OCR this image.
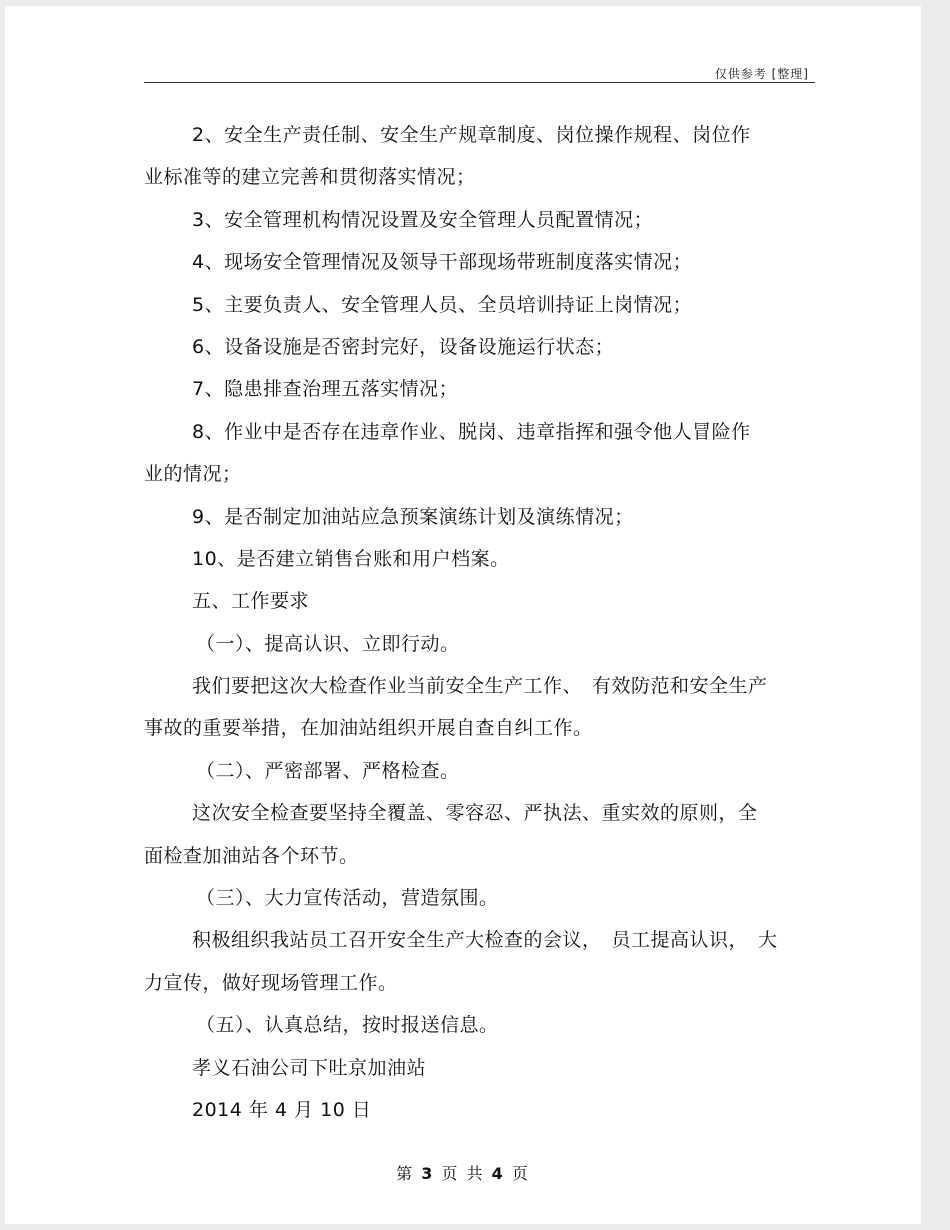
仅供参考 [整理]
2、安全生产责任制、安全生产规章制度、岗位操作规程、岗位作
业标准等的建立完善和贯彻落实情况；
3、安全管理机构情况设置及安全管理人员配置情况；
4、现场安全管理情况及领导干部现场带班制度落实情况；
5、主要负责人、安全管理人员、全员培训持证上岗情况；
6、设备设施是否密封完好，设备设施运行状态；
7、隐患排查治理五落实情况；
8、作业中是否存在违章作业、脱岗、违章指挥和强令他人冒险作
业的情况；
9、是否制定加油站应急预案演练计划及演练情况；
10、是否建立销售台账和用户档案。
五、工作要求
（一）、提高认识、立即行动。
我们要把这次大检查作业当前安全生产工作、　有效防范和安全生产
事故的重要举措，在加油站组织开展自查自纠工作。
（二）、严密部署、严格检查。
这次安全检查要坚持全覆盖、零容忍、严执法、重实效的原则，全
面检查加油站各个环节。
（三）、大力宣传活动，营造氛围。
积极组织我站员工召开安全生产大检查的会议，　员工提高认识，　大
力宣传，做好现场管理工作。
（五）、认真总结，按时报送信息。
孝义石油公司下吐京加油站
2014 年 4 月 10 日
第 3 页 共 4 页
